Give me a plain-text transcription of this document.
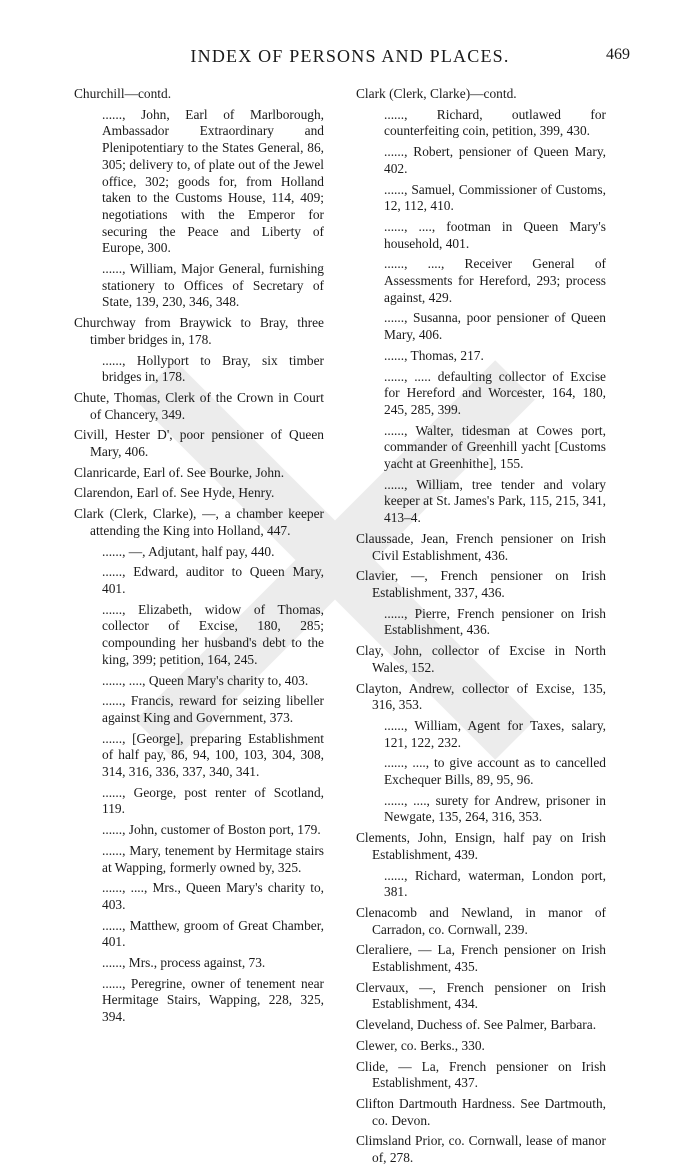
INDEX OF PERSONS AND PLACES.	469

Churchill—contd.

......, John, Earl of Marlborough, Ambassador Extraordinary and Plenipotentiary to the States General, 86, 305; delivery to, of plate out of the Jewel office, 302; goods for, from Holland taken to the Customs House, 114, 409; negotiations with the Emperor for securing the Peace and Liberty of Europe, 300.

......, William, Major General, furnishing stationery to Offices of Secretary of State, 139, 230, 346, 348.

Churchway from Braywick to Bray, three timber bridges in, 178.

......, Hollyport to Bray, six timber bridges in, 178.

Chute, Thomas, Clerk of the Crown in Court of Chancery, 349.

Civill, Hester D', poor pensioner of Queen Mary, 406.

Clanricarde, Earl of. See Bourke, John.

Clarendon, Earl of. See Hyde, Henry.

Clark (Clerk, Clarke), —, a chamber keeper attending the King into Holland, 447.

......, —, Adjutant, half pay, 440.

......, Edward, auditor to Queen Mary, 401.

......, Elizabeth, widow of Thomas, collector of Excise, 180, 285; compounding her husband's debt to the king, 399; petition, 164, 245.

......, ...., Queen Mary's charity to, 403.

......, Francis, reward for seizing libeller against King and Government, 373.

......, [George], preparing Establishment of half pay, 86, 94, 100, 103, 304, 308, 314, 316, 336, 337, 340, 341.

......, George, post renter of Scotland, 119.

......, John, customer of Boston port, 179.

......, Mary, tenement by Hermitage stairs at Wapping, formerly owned by, 325.

......, ...., Mrs., Queen Mary's charity to, 403.

......, Matthew, groom of Great Chamber, 401.

......, Mrs., process against, 73.

......, Peregrine, owner of tenement near Hermitage Stairs, Wapping, 228, 325, 394.

Clark (Clerk, Clarke)—contd.

......, Richard, outlawed for counterfeiting coin, petition, 399, 430.

......, Robert, pensioner of Queen Mary, 402.

......, Samuel, Commissioner of Customs, 12, 112, 410.

......, ...., footman in Queen Mary's household, 401.

......, ...., Receiver General of Assessments for Hereford, 293; process against, 429.

......, Susanna, poor pensioner of Queen Mary, 406.

......, Thomas, 217.

......, ..... defaulting collector of Excise for Hereford and Worcester, 164, 180, 245, 285, 399.

......, Walter, tidesman at Cowes port, commander of Greenhill yacht [Customs yacht at Greenhithe], 155.

......, William, tree tender and volary keeper at St. James's Park, 115, 215, 341, 413–4.

Claussade, Jean, French pensioner on Irish Civil Establishment, 436.

Clavier, —, French pensioner on Irish Establishment, 337, 436.

......, Pierre, French pensioner on Irish Establishment, 436.

Clay, John, collector of Excise in North Wales, 152.

Clayton, Andrew, collector of Excise, 135, 316, 353.

......, William, Agent for Taxes, salary, 121, 122, 232.

......, ...., to give account as to cancelled Exchequer Bills, 89, 95, 96.

......, ...., surety for Andrew, prisoner in Newgate, 135, 264, 316, 353.

Clements, John, Ensign, half pay on Irish Establishment, 439.

......, Richard, waterman, London port, 381.

Clenacomb and Newland, in manor of Carradon, co. Cornwall, 239.

Cleraliere, — La, French pensioner on Irish Establishment, 435.

Clervaux, —, French pensioner on Irish Establishment, 434.

Cleveland, Duchess of. See Palmer, Barbara.

Clewer, co. Berks., 330.

Clide, — La, French pensioner on Irish Establishment, 437.

Clifton Dartmouth Hardness. See Dartmouth, co. Devon.

Climsland Prior, co. Cornwall, lease of manor of, 278.
